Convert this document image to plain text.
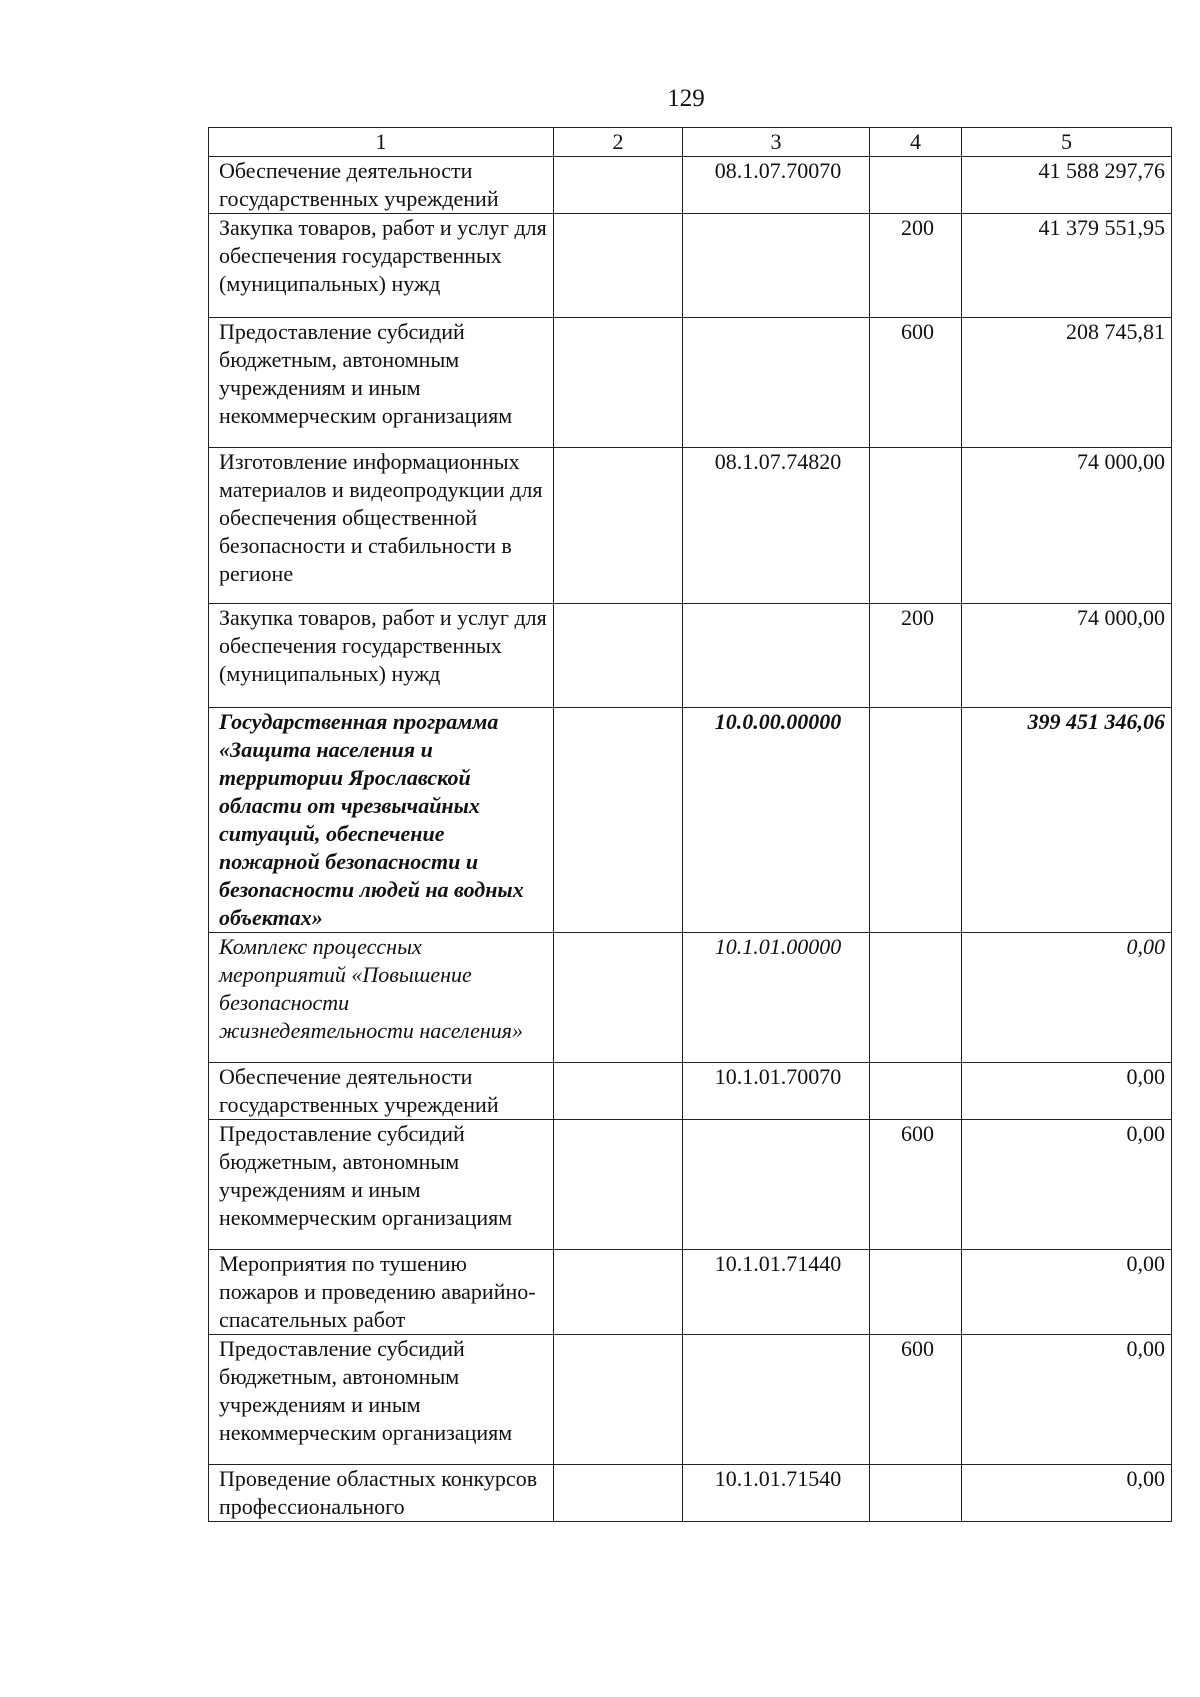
129
1	2	3	4	5
Обеспечение деятельности государственных учреждений		08.1.07.70070		41 588 297,76
Закупка товаров, работ и услуг для обеспечения государственных (муниципальных) нужд			200	41 379 551,95
Предоставление субсидий бюджетным, автономным учреждениям и иным некоммерческим организациям			600	208 745,81
Изготовление информационных материалов и видеопродукции для обеспечения общественной безопасности и стабильности в регионе		08.1.07.74820		74 000,00
Закупка товаров, работ и услуг для обеспечения государственных (муниципальных) нужд			200	74 000,00
Государственная программа «Защита населения и территории Ярославской области от чрезвычайных ситуаций, обеспечение пожарной безопасности и безопасности людей на водных объектах»		10.0.00.00000		399 451 346,06
Комплекс процессных мероприятий «Повышение безопасности жизнедеятельности населения»		10.1.01.00000		0,00
Обеспечение деятельности государственных учреждений		10.1.01.70070		0,00
Предоставление субсидий бюджетным, автономным учреждениям и иным некоммерческим организациям			600	0,00
Мероприятия по тушению пожаров и проведению аварийно-спасательных работ		10.1.01.71440		0,00
Предоставление субсидий бюджетным, автономным учреждениям и иным некоммерческим организациям			600	0,00
Проведение областных конкурсов профессионального		10.1.01.71540		0,00
